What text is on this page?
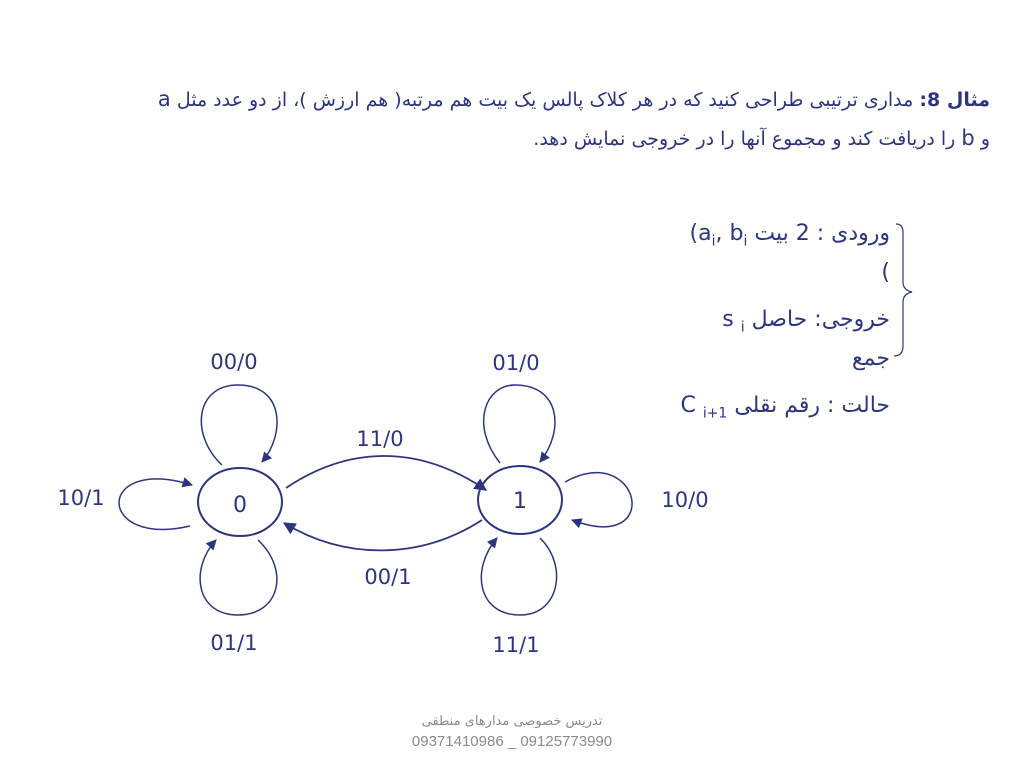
مثال 8: مداری ترتیبی طراحی کنید که در هر کلاک پالس یک بیت هم مرتبه( هم ارزش )، از دو عدد مثل a
و b را دریافت کند و مجموع آنها را در خروجی نمایش دهد.
ورودی : 2 بیت ($a_i$, $b_i$
)
خروجی: حاصل s $_i$
جمع
حالت : رقم نقلی C $_{i+1}$
0	1
00/0
10/1
01/1
11/0
00/1
01/0
10/0
11/1
تدریس خصوصی مدارهای منطقی
09371410986 _ 09125773990
